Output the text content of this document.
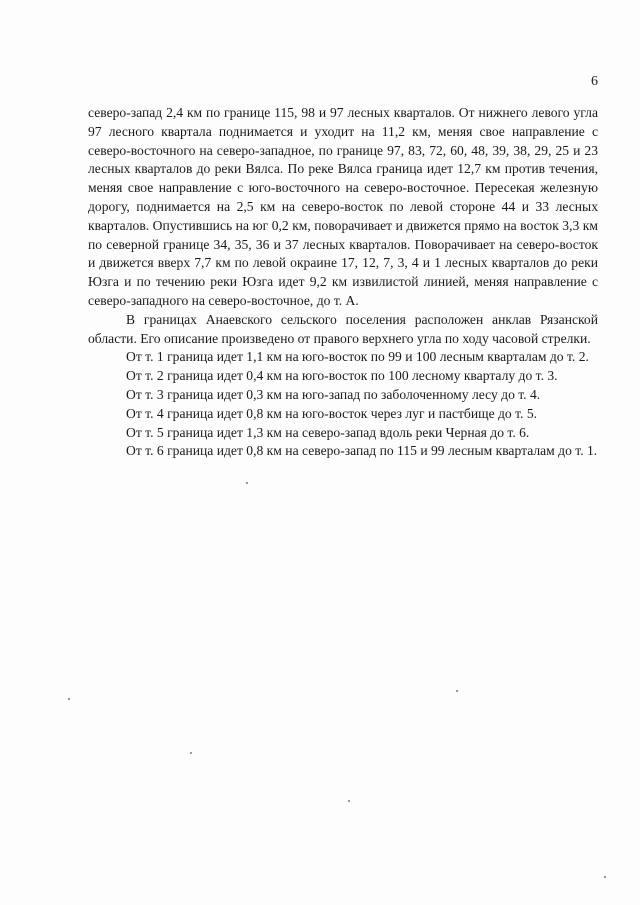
6

северо-запад 2,4 км по границе 115, 98 и 97 лесных кварталов. От нижнего левого угла 97 лесного квартала поднимается и уходит на 11,2 км, меняя свое направление с северо-восточного на северо-западное, по границе 97, 83, 72, 60, 48, 39, 38, 29, 25 и 23 лесных кварталов до реки Вялса. По реке Вялса граница идет 12,7 км против течения, меняя свое направление с юго-восточного на северо-восточное. Пересекая железную дорогу, поднимается на 2,5 км на северо-восток по левой стороне 44 и 33 лесных кварталов. Опустившись на юг 0,2 км, поворачивает и движется прямо на восток 3,3 км по северной границе 34, 35, 36 и 37 лесных кварталов. Поворачивает на северо-восток и движется вверх 7,7 км по левой окраине 17, 12, 7, 3, 4 и 1 лесных кварталов до реки Юзга и по течению реки Юзга идет 9,2 км извилистой линией, меняя направление с северо-западного на северо-восточное, до т. А.

В границах Анаевского сельского поселения расположен анклав Рязанской области. Его описание произведено от правого верхнего угла по ходу часовой стрелки.

От т. 1 граница идет 1,1 км на юго-восток по 99 и 100 лесным кварталам до т. 2.

От т. 2 граница идет 0,4 км на юго-восток по 100 лесному кварталу до т. 3.

От т. 3 граница идет 0,3 км на юго-запад по заболоченному лесу до т. 4.

От т. 4 граница идет 0,8 км на юго-восток через луг и пастбище до т. 5.

От т. 5 граница идет 1,3 км на северо-запад вдоль реки Черная до т. 6.

От т. 6 граница идет 0,8 км на северо-запад по 115 и 99 лесным кварталам до т. 1.
